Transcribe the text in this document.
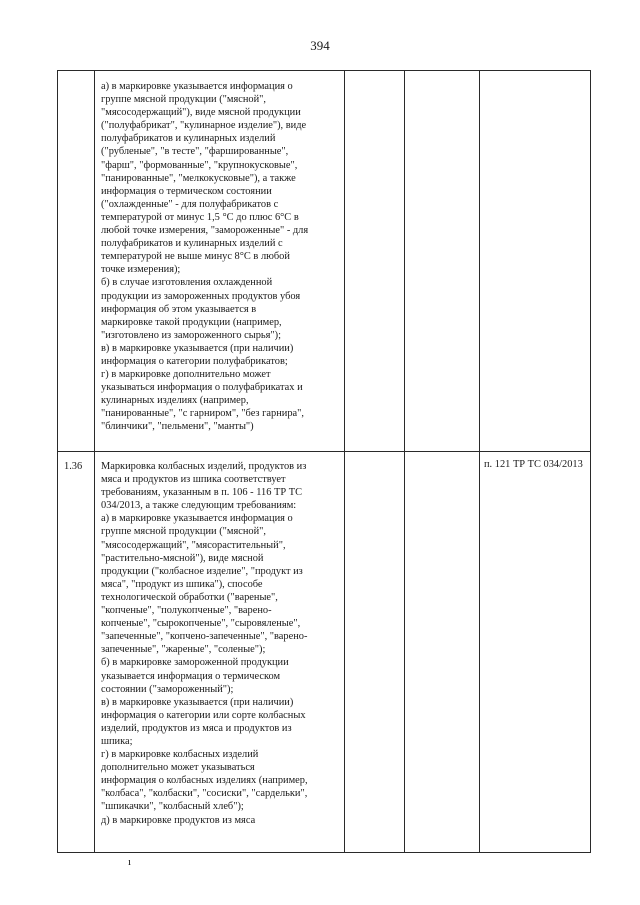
394
а) в маркировке указывается информация о
группе мясной продукции ("мясной",
"мясосодержащий"), виде мясной продукции
("полуфабрикат", "кулинарное изделие"), виде
полуфабрикатов и кулинарных изделий
("рубленые", "в тесте", "фаршированные",
"фарш", "формованные", "крупнокусковые",
"панированные", "мелкокусковые"), а также
информация о термическом состоянии
("охлажденные" - для полуфабрикатов с
температурой от минус 1,5 °С до плюс 6°С в
любой точке измерения, "замороженные" - для
полуфабрикатов и кулинарных изделий с
температурой не выше минус 8°С в любой
точке измерения);
б) в случае изготовления охлажденной
продукции из замороженных продуктов убоя
информация об этом указывается в
маркировке такой продукции (например,
"изготовлено из замороженного сырья");
в) в маркировке указывается (при наличии)
информация о категории полуфабрикатов;
г) в маркировке дополнительно может
указываться информация о полуфабрикатах и
кулинарных изделиях (например,
"панированные", "с гарниром", "без гарнира",
"блинчики", "пельмени", "манты")
1.36 Маркировка колбасных изделий, продуктов из
мяса и продуктов из шпика соответствует
требованиям, указанным в п. 106 - 116 ТР ТС
034/2013, а также следующим требованиям:
а) в маркировке указывается информация о
группе мясной продукции ("мясной",
"мясосодержащий", "мясорастительный",
"растительно-мясной"), виде мясной
продукции ("колбасное изделие", "продукт из
мяса", "продукт из шпика"), способе
технологической обработки ("вареные",
"копченые", "полукопченые", "варено-
копченые", "сырокопченые", "сыровяленые",
"запеченные", "копчено-запеченные", "варено-
запеченные", "жареные", "соленые");
б) в маркировке замороженной продукции
указывается информация о термическом
состоянии ("замороженный");
в) в маркировке указывается (при наличии)
информация о категории или сорте колбасных
изделий, продуктов из мяса и продуктов из
шпика;
г) в маркировке колбасных изделий
дополнительно может указываться
информация о колбасных изделиях (например,
"колбаса", "колбаски", "сосиски", "сардельки",
"шпикачки", "колбасный хлеб");
д) в маркировке продуктов из мяса
п. 121 ТР ТС 034/2013
ı
